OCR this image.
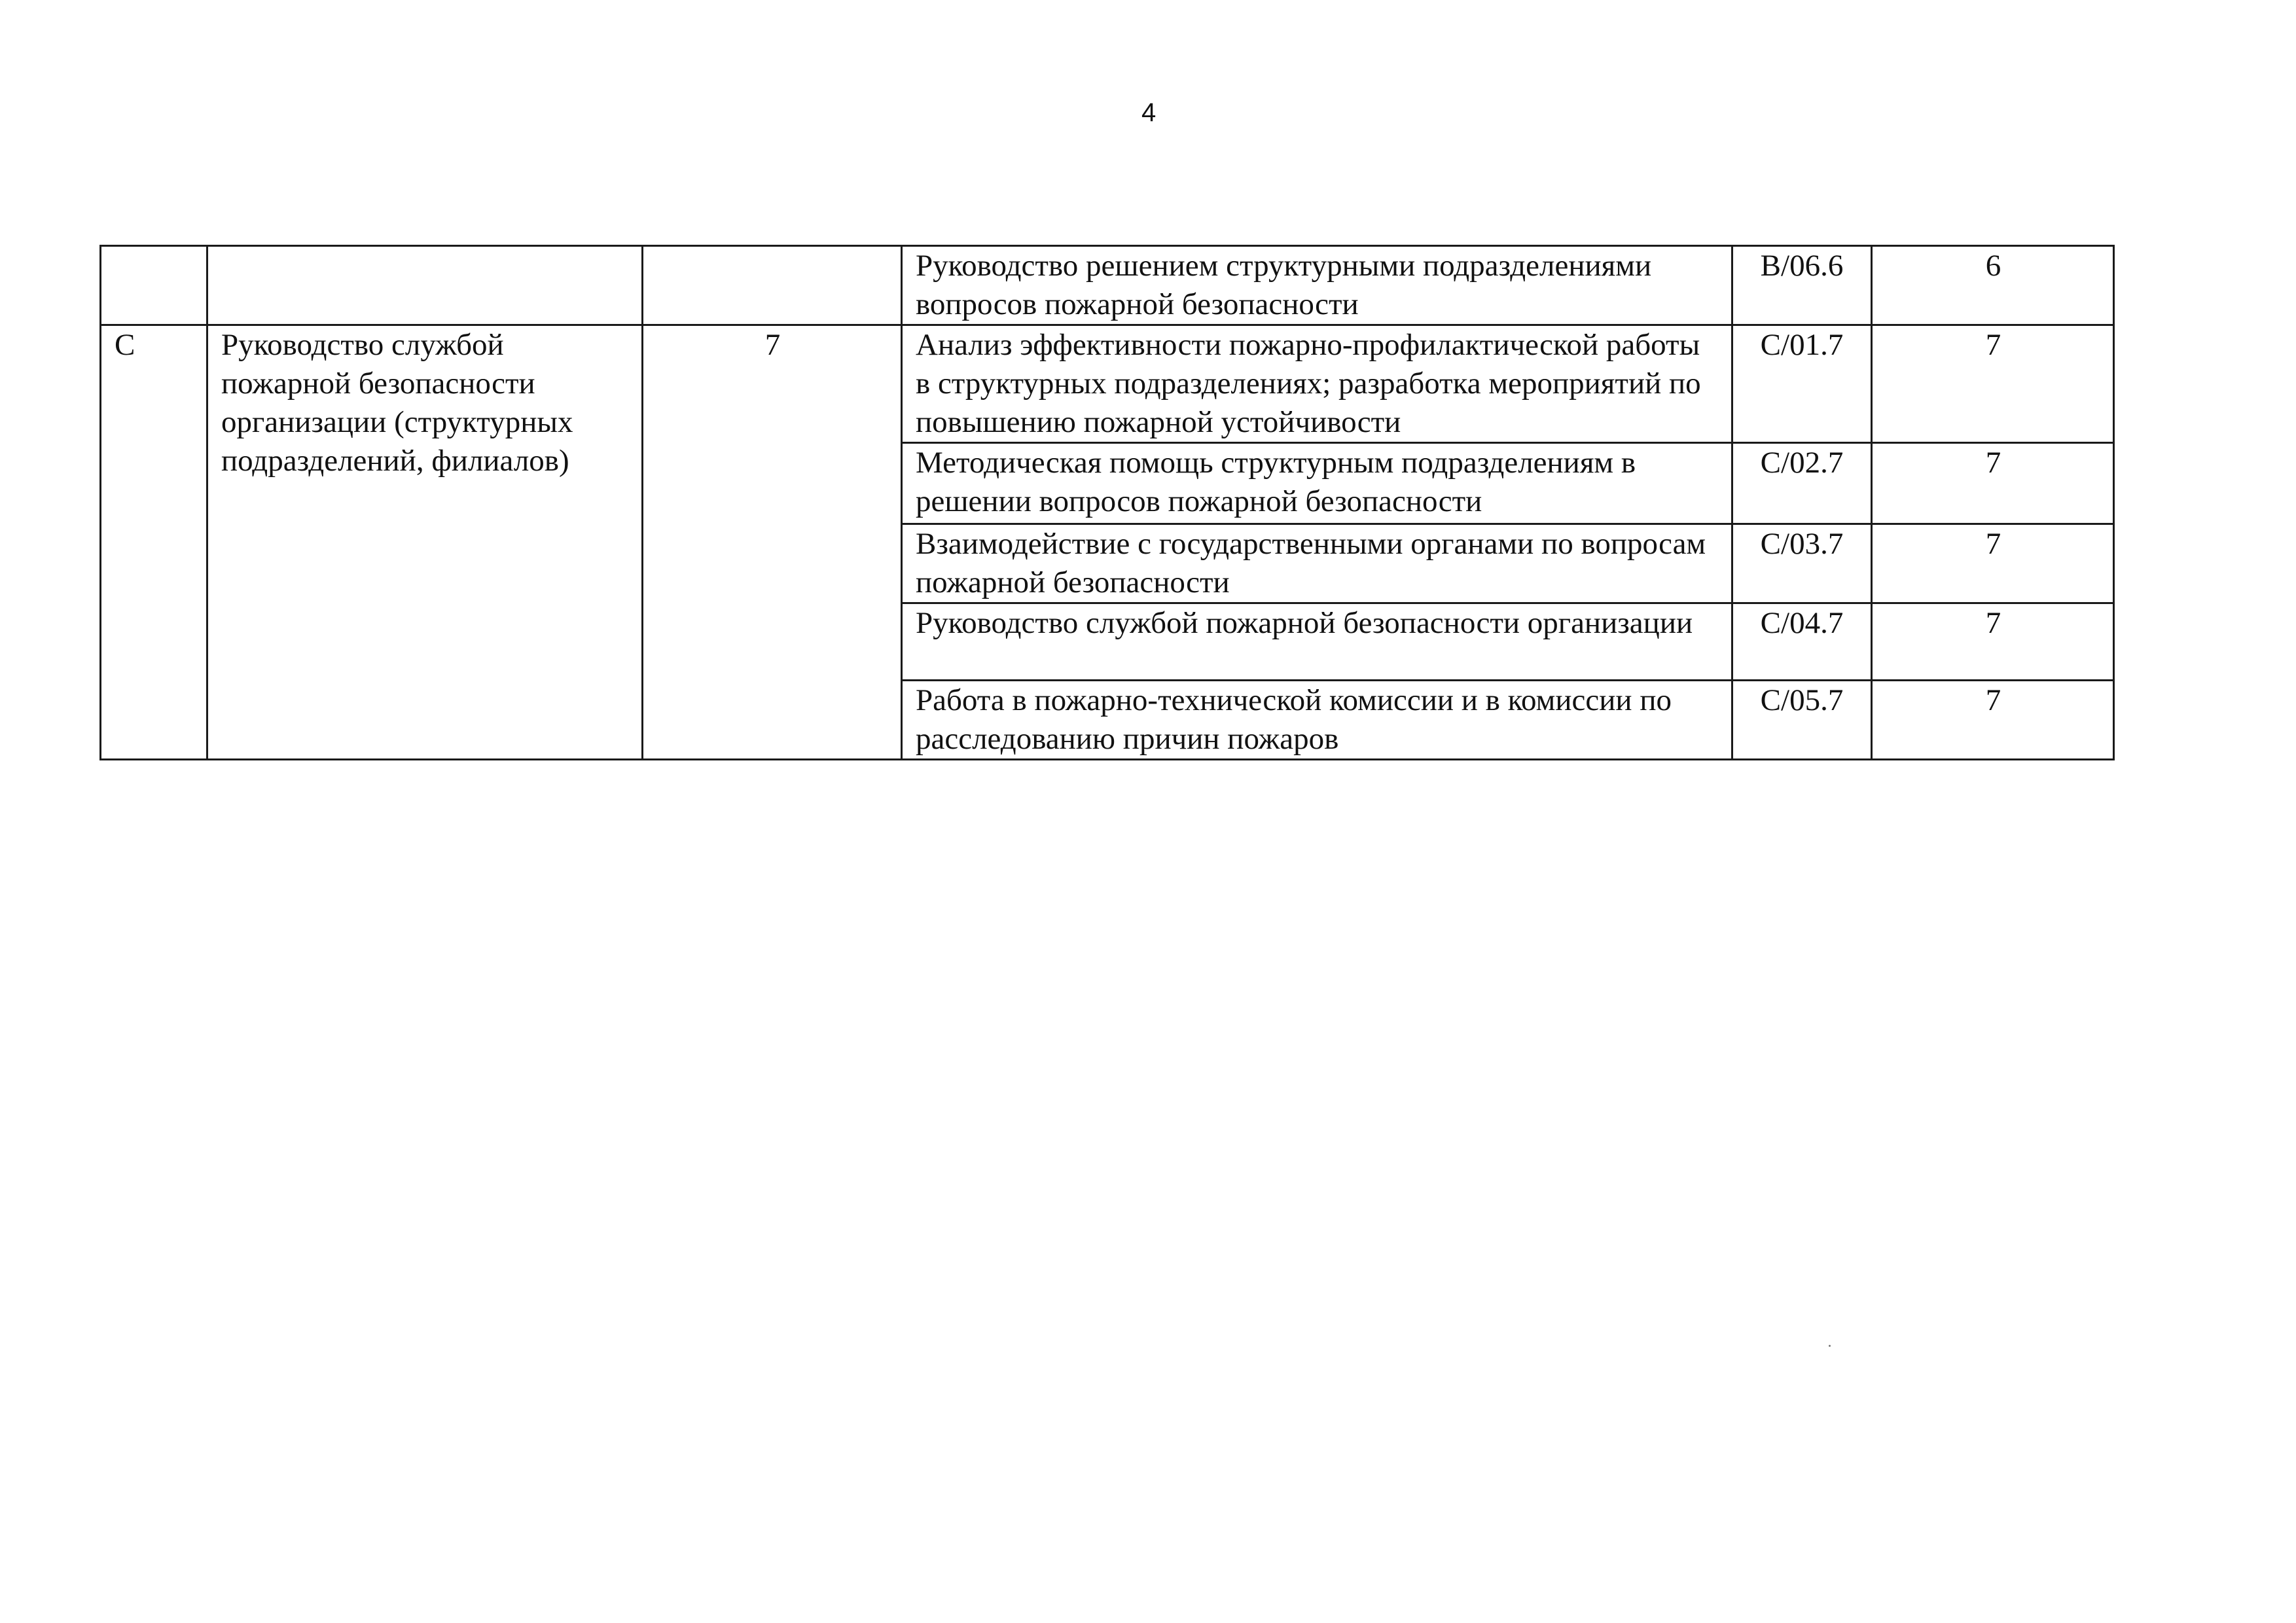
4
			Руководство решением структурными подразделениями вопросов пожарной безопасности	B/06.6	6
C	Руководство службой пожарной безопасности организации (структурных подразделений, филиалов)	7	Анализ эффективности пожарно-профилактической работы в структурных подразделениях; разработка мероприятий по повышению пожарной устойчивости	C/01.7	7
			Методическая помощь структурным подразделениям в решении вопросов пожарной безопасности	C/02.7	7
			Взаимодействие с государственными органами по вопросам пожарной безопасности	C/03.7	7
			Руководство службой пожарной безопасности организации	C/04.7	7
			Работа в пожарно-технической комиссии и в комиссии по расследованию причин пожаров	C/05.7	7
